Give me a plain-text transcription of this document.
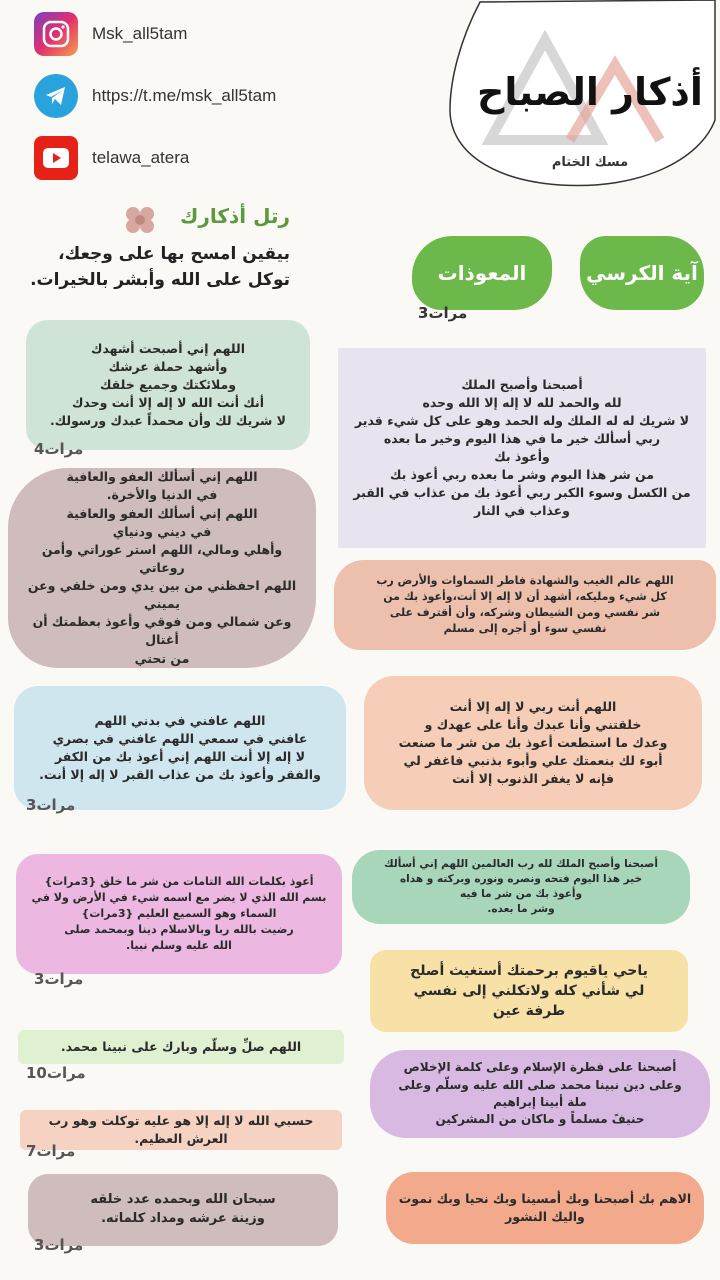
Msk_all5tam
https://t.me/msk_all5tam
telawa_atera
أذكار الصباح
مسك الختام
رتل أذكارك
بيقين امسح بها على وجعك،
توكل على الله وأبشر بالخيرات.	آية الكرسي
المعوذات
مرات3
اللهم إني أصبحت أشهدك
وأشهد حملة عرشك
وملائكتك وجميع خلقك
أنك أنت الله لا إله إلا أنت وحدك
لا شريك لك وأن محمداً عبدك ورسولك.
مرات4
أصبحنا وأصبح الملك
لله والحمد لله لا إله إلا الله وحده
لا شريك له له الملك وله الحمد وهو على كل شيء قدير
ربي أسألك خير ما في هذا اليوم وخير ما بعده
وأعوذ بك
من شر هذا اليوم وشر ما بعده ربي أعوذ بك
من الكسل وسوء الكبر ربي أعوذ بك من عذاب في القبر
وعذاب في النار
اللهم إني أسألك العفو والعافية
في الدنيا والأخرة.
اللهم إني أسألك العفو والعافية
في ديني ودنياي
وأهلي ومالي، اللهم استر عوراتي وأمن روعاتي
اللهم احفظني من بين يدي ومن خلفي وعن يميني
وعن شمالي ومن فوقي وأعوذ بعظمتك أن أغتال
من تحتي
اللهم عالم الغيب والشهادة فاطر السماوات والأرض رب
كل شيء ومليكه، أشهد أن لا إله إلا أنت،وأعوذ بك من
شر نفسي ومن الشيطان وشركه، وأن أقترف على
نفسي سوء أو أجره إلى مسلم
اللهم عافني في بدني اللهم
عافني في سمعي اللهم عافني في بصري
لا إله إلا أنت اللهم إني أعوذ بك من الكفر
والفقر وأعوذ بك من عذاب القبر لا إله إلا أنت.
مرات3
اللهم أنت ربي لا إله إلا أنت
خلقتني وأنا عبدك وأنا على عهدك و
وعدك ما استطعت أعوذ بك من شر ما صنعت
أبوء لك بنعمتك علي وأبوء بذنبي فاغفر لي
فإنه لا يغفر الذنوب إلا أنت
أعوذ بكلمات الله التامات من شر ما خلق {3مرات}
بسم الله الذي لا يضر مع اسمه شيء في الأرض ولا في
السماء وهو السميع العليم {3مرات}
رضيت بالله ربا وبالاسلام دينا وبمحمد صلى
الله عليه وسلم نبيا.
مرات3
أصبحنا وأصبح الملك لله رب العالمين اللهم إني أسألك
خير هذا اليوم فتحه ونصره ونوره وبركته و هداه
وأعوذ بك من شر ما فيه
وشر ما بعده.
ياحي ياقيوم برحمتك أستغيث أصلح
لي شأني كله ولاتكلني إلى نفسي
طرفة عين
اللهم صلِّ وسلّم وبارك على نبينا محمد.
مرات10	أصبحنا على فطرة الإسلام وعلى كلمة الإخلاص
وعلى دين نبينا محمد صلى الله عليه وسلّم وعلى
ملة أبينا إبراهيم
حنيفً مسلماً و ماكان من المشركين
حسبي الله لا إله إلا هو عليه توكلت وهو رب
العرش العظيم.
مرات7
سبحان الله وبحمده عدد خلقه
وزينة عرشه ومداد كلماته.
مرات3
الاهم بك أصبحنا وبك أمسينا وبك نحيا وبك نموت
واليك النشور
